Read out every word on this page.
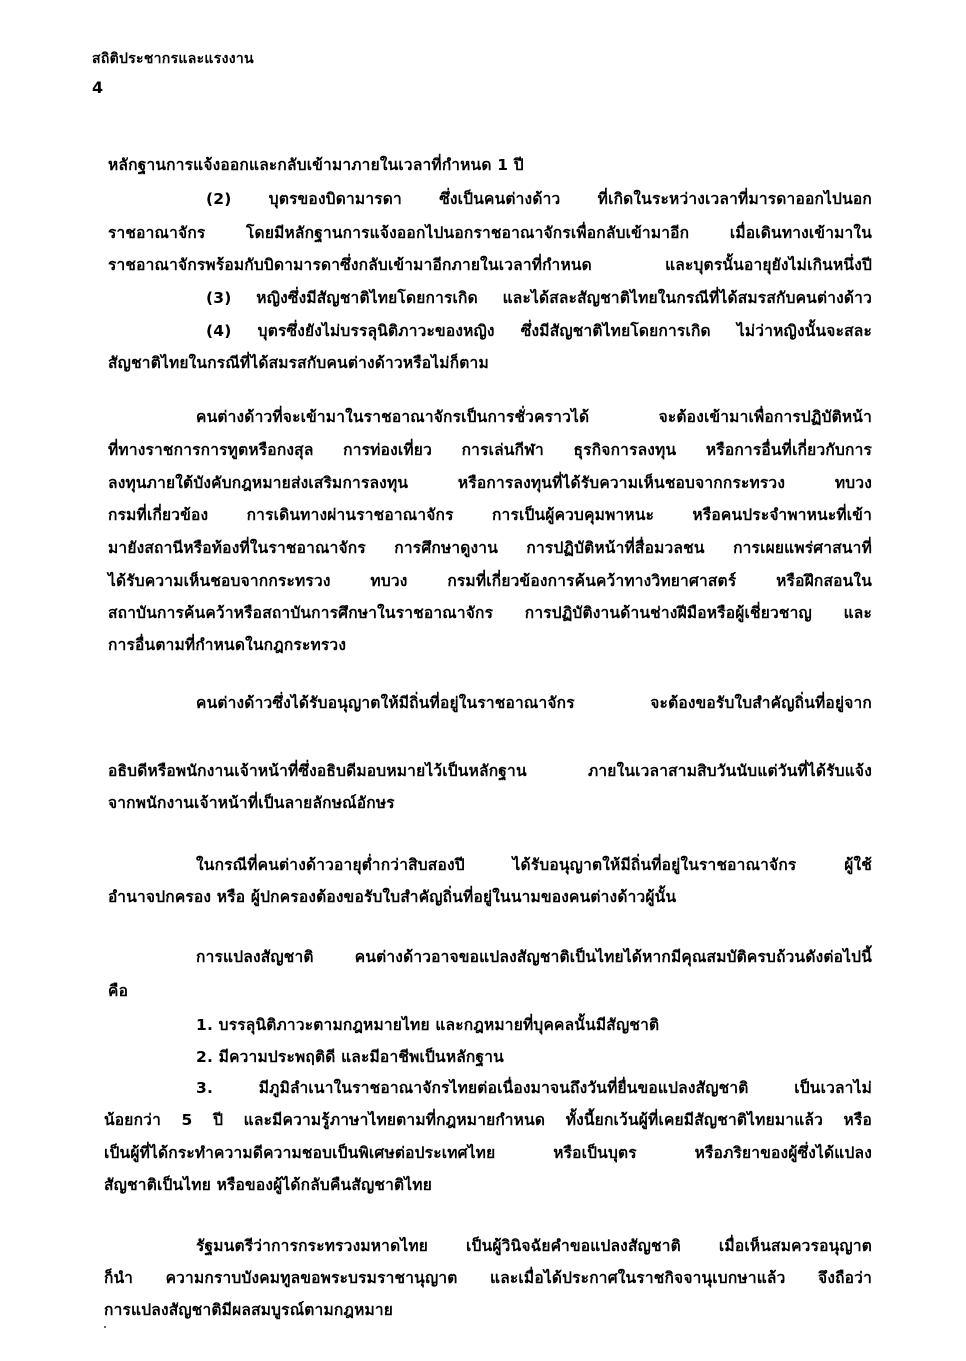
สถิติประชากรและแรงงาน
4
หลักฐานการแจ้งออกและกลับเข้ามาภายในเวลาที่กำหนด 1 ปี
(2) บุตรของบิดามารดา ซึ่งเป็นคนต่างด้าว ที่เกิดในระหว่างเวลาที่มารดาออกไปนอก
ราชอาณาจักร โดยมีหลักฐานการแจ้งออกไปนอกราชอาณาจักรเพื่อกลับเข้ามาอีก เมื่อเดินทางเข้ามาใน
ราชอาณาจักรพร้อมกับบิดามารดาซึ่งกลับเข้ามาอีกภายในเวลาที่กำหนด และบุตรนั้นอายุยังไม่เกินหนึ่งปี
(3) หญิงซึ่งมีสัญชาติไทยโดยการเกิด และได้สละสัญชาติไทยในกรณีที่ได้สมรสกับคนต่างด้าว
(4) บุตรซึ่งยังไม่บรรลุนิติภาวะของหญิง ซึ่งมีสัญชาติไทยโดยการเกิด ไม่ว่าหญิงนั้นจะสละ
สัญชาติไทยในกรณีที่ได้สมรสกับคนต่างด้าวหรือไม่ก็ตาม
คนต่างด้าวที่จะเข้ามาในราชอาณาจักรเป็นการชั่วคราวได้ จะต้องเข้ามาเพื่อการปฏิบัติหน้า
ที่ทางราชการการทูตหรือกงสุล การท่องเที่ยว การเล่นกีฬา ธุรกิจการลงทุน หรือการอื่นที่เกี่ยวกับการ
ลงทุนภายใต้บังคับกฎหมายส่งเสริมการลงทุน หรือการลงทุนที่ได้รับความเห็นชอบจากกระทรวง ทบวง
กรมที่เกี่ยวข้อง การเดินทางผ่านราชอาณาจักร การเป็นผู้ควบคุมพาหนะ หรือคนประจำพาหนะที่เข้า
มายังสถานีหรือท้องที่ในราชอาณาจักร การศึกษาดูงาน การปฏิบัติหน้าที่สื่อมวลชน การเผยแพร่ศาสนาที่
ได้รับความเห็นชอบจากกระทรวง ทบวง กรมที่เกี่ยวข้องการค้นคว้าทางวิทยาศาสตร์ หรือฝึกสอนใน
สถาบันการค้นคว้าหรือสถาบันการศึกษาในราชอาณาจักร การปฏิบัติงานด้านช่างฝีมือหรือผู้เชี่ยวชาญ และ
การอื่นตามที่กำหนดในกฎกระทรวง
คนต่างด้าวซึ่งได้รับอนุญาตให้มีถิ่นที่อยู่ในราชอาณาจักร จะต้องขอรับใบสำคัญถิ่นที่อยู่จาก
อธิบดีหรือพนักงานเจ้าหน้าที่ซึ่งอธิบดีมอบหมายไว้เป็นหลักฐาน ภายในเวลาสามสิบวันนับแต่วันที่ได้รับแจ้ง
จากพนักงานเจ้าหน้าที่เป็นลายลักษณ์อักษร
ในกรณีที่คนต่างด้าวอายุต่ำกว่าสิบสองปี ได้รับอนุญาตให้มีถิ่นที่อยู่ในราชอาณาจักร ผู้ใช้
อำนาจปกครอง หรือ ผู้ปกครองต้องขอรับใบสำคัญถิ่นที่อยู่ในนามของคนต่างด้าวผู้นั้น
การแปลงสัญชาติ คนต่างด้าวอาจขอแปลงสัญชาติเป็นไทยได้หากมีคุณสมบัติครบถ้วนดังต่อไปนี้
คือ
1. บรรลุนิติภาวะตามกฎหมายไทย และกฎหมายที่บุคคลนั้นมีสัญชาติ
2. มีความประพฤติดี และมีอาชีพเป็นหลักฐาน
3. มีภูมิลำเนาในราชอาณาจักรไทยต่อเนื่องมาจนถึงวันที่ยื่นขอแปลงสัญชาติ เป็นเวลาไม่
น้อยกว่า 5 ปี และมีความรู้ภาษาไทยตามที่กฎหมายกำหนด ทั้งนี้ยกเว้นผู้ที่เคยมีสัญชาติไทยมาแล้ว หรือ
เป็นผู้ที่ได้กระทำความดีความชอบเป็นพิเศษต่อประเทศไทย หรือเป็นบุตร หรือภริยาของผู้ซึ่งได้แปลง
สัญชาติเป็นไทย หรือของผู้ได้กลับคืนสัญชาติไทย
รัฐมนตรีว่าการกระทรวงมหาดไทย เป็นผู้วินิจฉัยคำขอแปลงสัญชาติ เมื่อเห็นสมควรอนุญาต
ก็นำ ความกราบบังคมทูลขอพระบรมราชานุญาต และเมื่อได้ประกาศในราชกิจจานุเบกษาแล้ว จึงถือว่า
การแปลงสัญชาติมีผลสมบูรณ์ตามกฎหมาย
